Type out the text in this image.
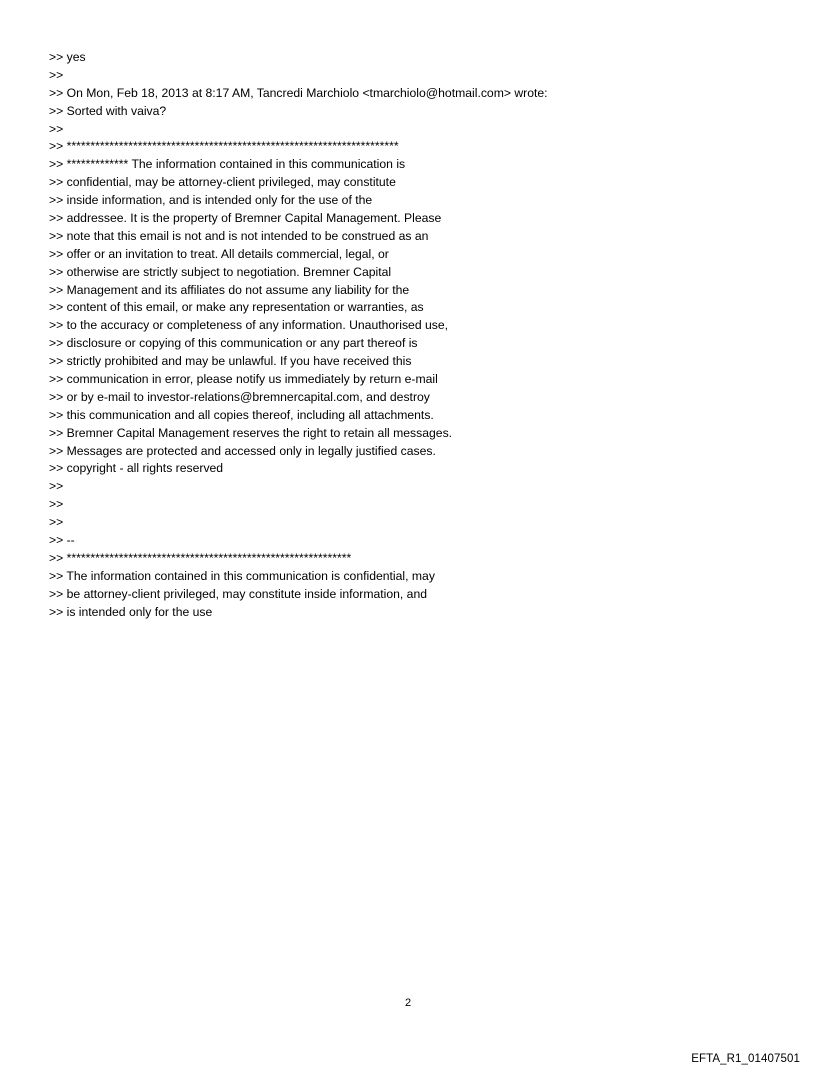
>> yes
>>
>> On Mon, Feb 18, 2013 at 8:17 AM, Tancredi Marchiolo <tmarchiolo@hotmail.com> wrote:
>> Sorted with vaiva?
>>
>> **********************************************************************
>> ************* The information contained in this communication is
>> confidential, may be attorney-client privileged, may constitute
>> inside information, and is intended only for the use of the
>> addressee. It is the property of Bremner Capital Management. Please
>> note that this email is not and is not intended to be construed as an
>> offer or an invitation to treat. All details commercial, legal, or
>> otherwise are strictly subject to negotiation. Bremner Capital
>> Management and its affiliates do not assume any liability for the
>> content of this email, or make any representation or warranties, as
>> to the accuracy or completeness of any information. Unauthorised use,
>> disclosure or copying of this communication or any part thereof is
>> strictly prohibited and may be unlawful. If you have received this
>> communication in error, please notify us immediately by return e-mail
>> or by e-mail to investor-relations@bremnercapital.com, and destroy
>> this communication and all copies thereof, including all attachments.
>> Bremner Capital Management reserves the right to retain all messages.
>> Messages are protected and accessed only in legally justified cases.
>> copyright - all rights reserved
>>
>>
>>
>> --
>> ************************************************************
>> The information contained in this communication is confidential, may
>> be attorney-client privileged, may constitute inside information, and
>> is intended only for the use
2
EFTA_R1_01407501
